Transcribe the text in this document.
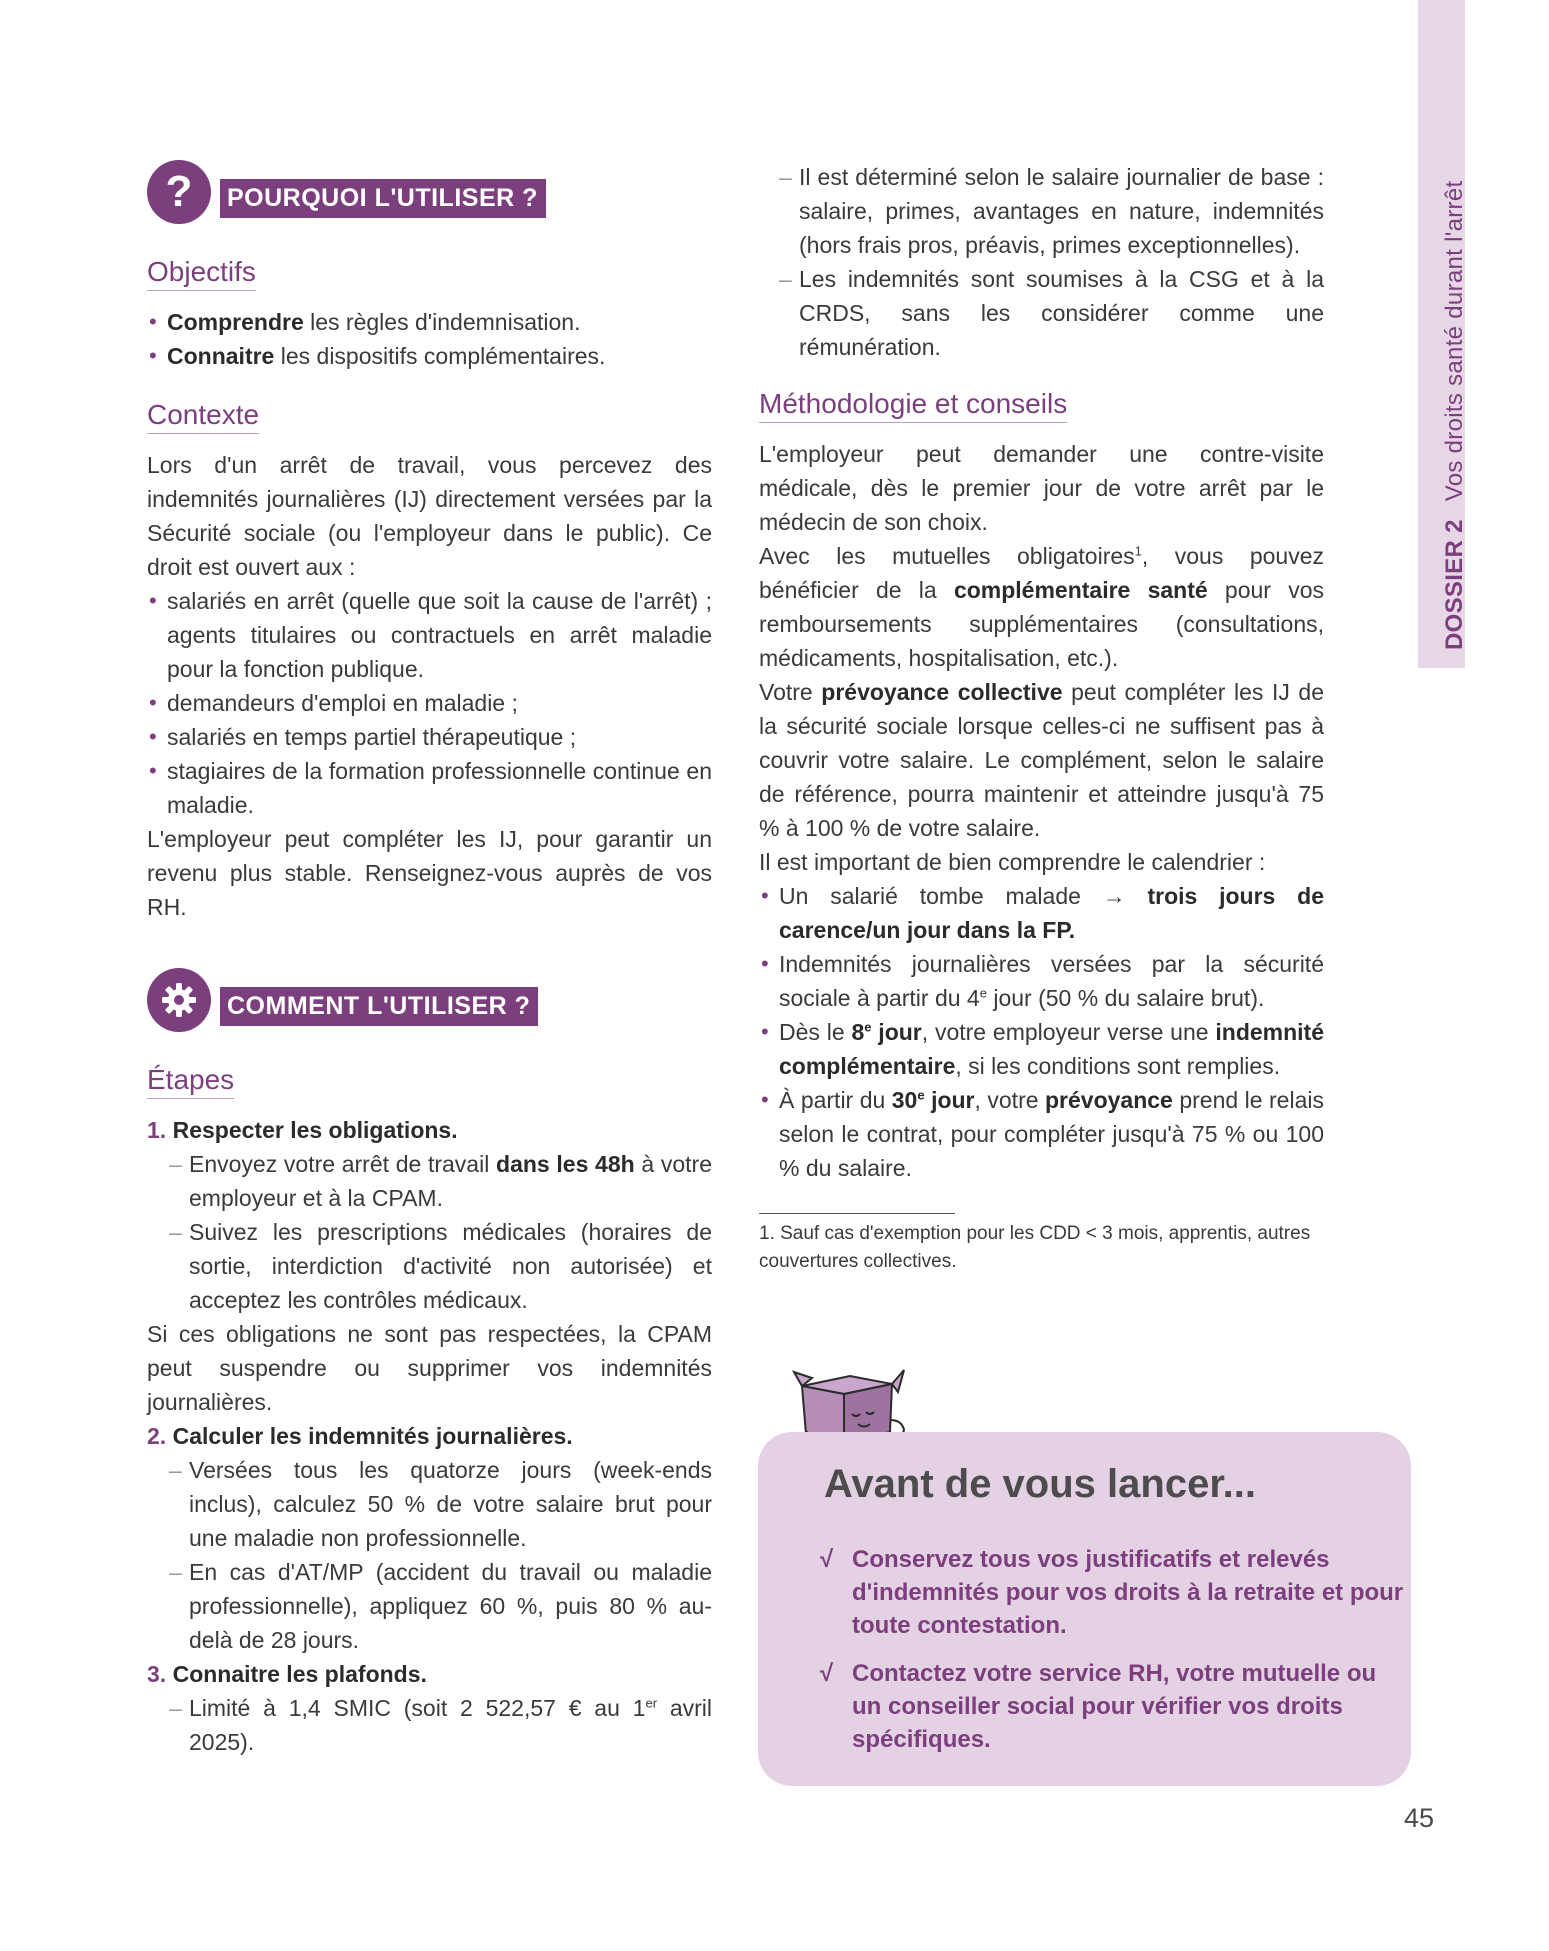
DOSSIER 2Vos droits santé durant l'arrêt
?	POURQUOI L'UTILISER ?
Objectifs
• Comprendre les règles d'indemnisation.
• Connaitre les dispositifs complémentaires.
Contexte

Lors d'un arrêt de travail, vous percevez des indemnités journalières (IJ) directement versées par la Sécurité sociale (ou l'employeur dans le public). Ce droit est ouvert aux :

• salariés en arrêt (quelle que soit la cause de l'arrêt) ; agents titulaires ou contractuels en arrêt maladie pour la fonction publique.
• demandeurs d'emploi en maladie ;
• salariés en temps partiel thérapeutique ;
• stagiaires de la formation professionnelle continue en maladie.

L'employeur peut compléter les IJ, pour garantir un revenu plus stable. Renseignez-vous auprès de vos RH.

COMMENT L'UTILISER ?
Étapes
1. Respecter les obligations.
– Envoyez votre arrêt de travail dans les 48h à votre employeur et à la CPAM.
– Suivez les prescriptions médicales (horaires de sortie, interdiction d'activité non autorisée) et acceptez les contrôles médicaux.

Si ces obligations ne sont pas respectées, la CPAM peut suspendre ou supprimer vos indemnités journalières.

2. Calculer les indemnités journalières.
– Versées tous les quatorze jours (week-ends inclus), calculez 50 % de votre salaire brut pour une maladie non professionnelle.
– En cas d'AT/MP (accident du travail ou maladie professionnelle), appliquez 60 %, puis 80 % au-delà de 28 jours.
3. Connaitre les plafonds.
– Limité à 1,4 SMIC (soit 2 522,57 € au 1er avril 2025).
– Il est déterminé selon le salaire journalier de base : salaire, primes, avantages en nature, indemnités (hors frais pros, préavis, primes exceptionnelles).
– Les indemnités sont soumises à la CSG et à la CRDS, sans les considérer comme une rémunération.
Méthodologie et conseils

L'employeur peut demander une contre-visite médicale, dès le premier jour de votre arrêt par le médecin de son choix.

Avec les mutuelles obligatoires$^1$, vous pouvez bénéficier de la complémentaire santé pour vos remboursements supplémentaires (consultations, médicaments, hospitalisation, etc.).

Votre prévoyance collective peut compléter les IJ de la sécurité sociale lorsque celles-ci ne suffisent pas à couvrir votre salaire. Le complément, selon le salaire de référence, pourra maintenir et atteindre jusqu'à 75 % à 100 % de votre salaire.

Il est important de bien comprendre le calendrier :

• Un salarié tombe malade → trois jours de carence/un jour dans la FP.
• Indemnités journalières versées par la sécurité sociale à partir du 4e jour (50 % du salaire brut).
• Dès le 8e jour, votre employeur verse une indemnité complémentaire, si les conditions sont remplies.
• À partir du 30e jour, votre prévoyance prend le relais selon le contrat, pour compléter jusqu'à 75 % ou 100 % du salaire.
1. Sauf cas d'exemption pour les CDD < 3 mois, apprentis, autres couvertures collectives.
Avant de vous lancer...
√ Conservez tous vos justificatifs et relevés d'indemnités pour vos droits à la retraite et pour toute contestation.
√ Contactez votre service RH, votre mutuelle ou un conseiller social pour vérifier vos droits spécifiques.
45
